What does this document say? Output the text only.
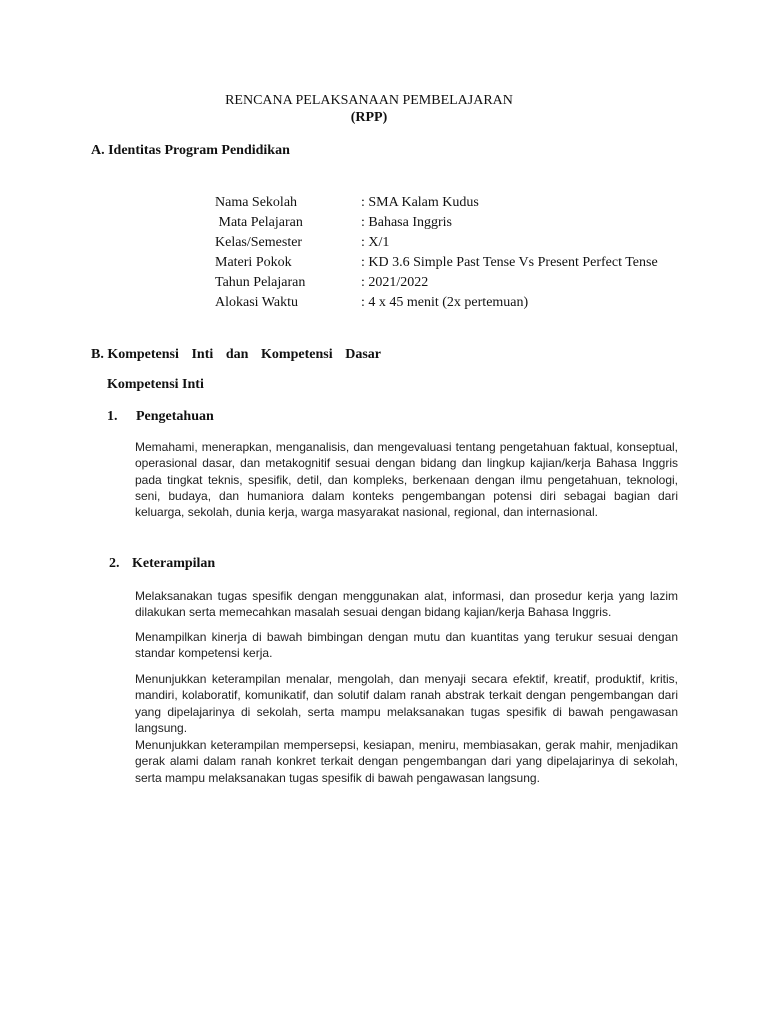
RENCANA PELAKSANAAN PEMBELAJARAN
(RPP)
A. Identitas Program Pendidikan
Nama Sekolah	: SMA Kalam Kudus
Mata Pelajaran	: Bahasa Inggris
Kelas/Semester	: X/1
Materi Pokok	: KD 3.6 Simple Past Tense Vs Present Perfect Tense
Tahun Pelajaran	: 2021/2022
Alokasi Waktu	: 4 x 45 menit (2x pertemuan)
B. Kompetensi Inti dan Kompetensi Dasar
Kompetensi Inti
1. Pengetahuan

Memahami, menerapkan, menganalisis, dan mengevaluasi tentang pengetahuan faktual, konseptual, operasional dasar, dan metakognitif sesuai dengan bidang dan lingkup kajian/kerja Bahasa Inggris pada tingkat teknis, spesifik, detil, dan kompleks, berkenaan dengan ilmu pengetahuan, teknologi, seni, budaya, dan humaniora dalam konteks pengembangan potensi diri sebagai bagian dari keluarga, sekolah, dunia kerja, warga masyarakat nasional, regional, dan internasional.

2. Keterampilan

Melaksanakan tugas spesifik dengan menggunakan alat, informasi, dan prosedur kerja yang lazim dilakukan serta memecahkan masalah sesuai dengan bidang kajian/kerja Bahasa Inggris.

Menampilkan kinerja di bawah bimbingan dengan mutu dan kuantitas yang terukur sesuai dengan standar kompetensi kerja.

Menunjukkan keterampilan menalar, mengolah, dan menyaji secara efektif, kreatif, produktif, kritis, mandiri, kolaboratif, komunikatif, dan solutif dalam ranah abstrak terkait dengan pengembangan dari yang dipelajarinya di sekolah, serta mampu melaksanakan tugas spesifik di bawah pengawasan langsung.

Menunjukkan keterampilan mempersepsi, kesiapan, meniru, membiasakan, gerak mahir, menjadikan gerak alami dalam ranah konkret terkait dengan pengembangan dari yang dipelajarinya di sekolah, serta mampu melaksanakan tugas spesifik di bawah pengawasan langsung.
